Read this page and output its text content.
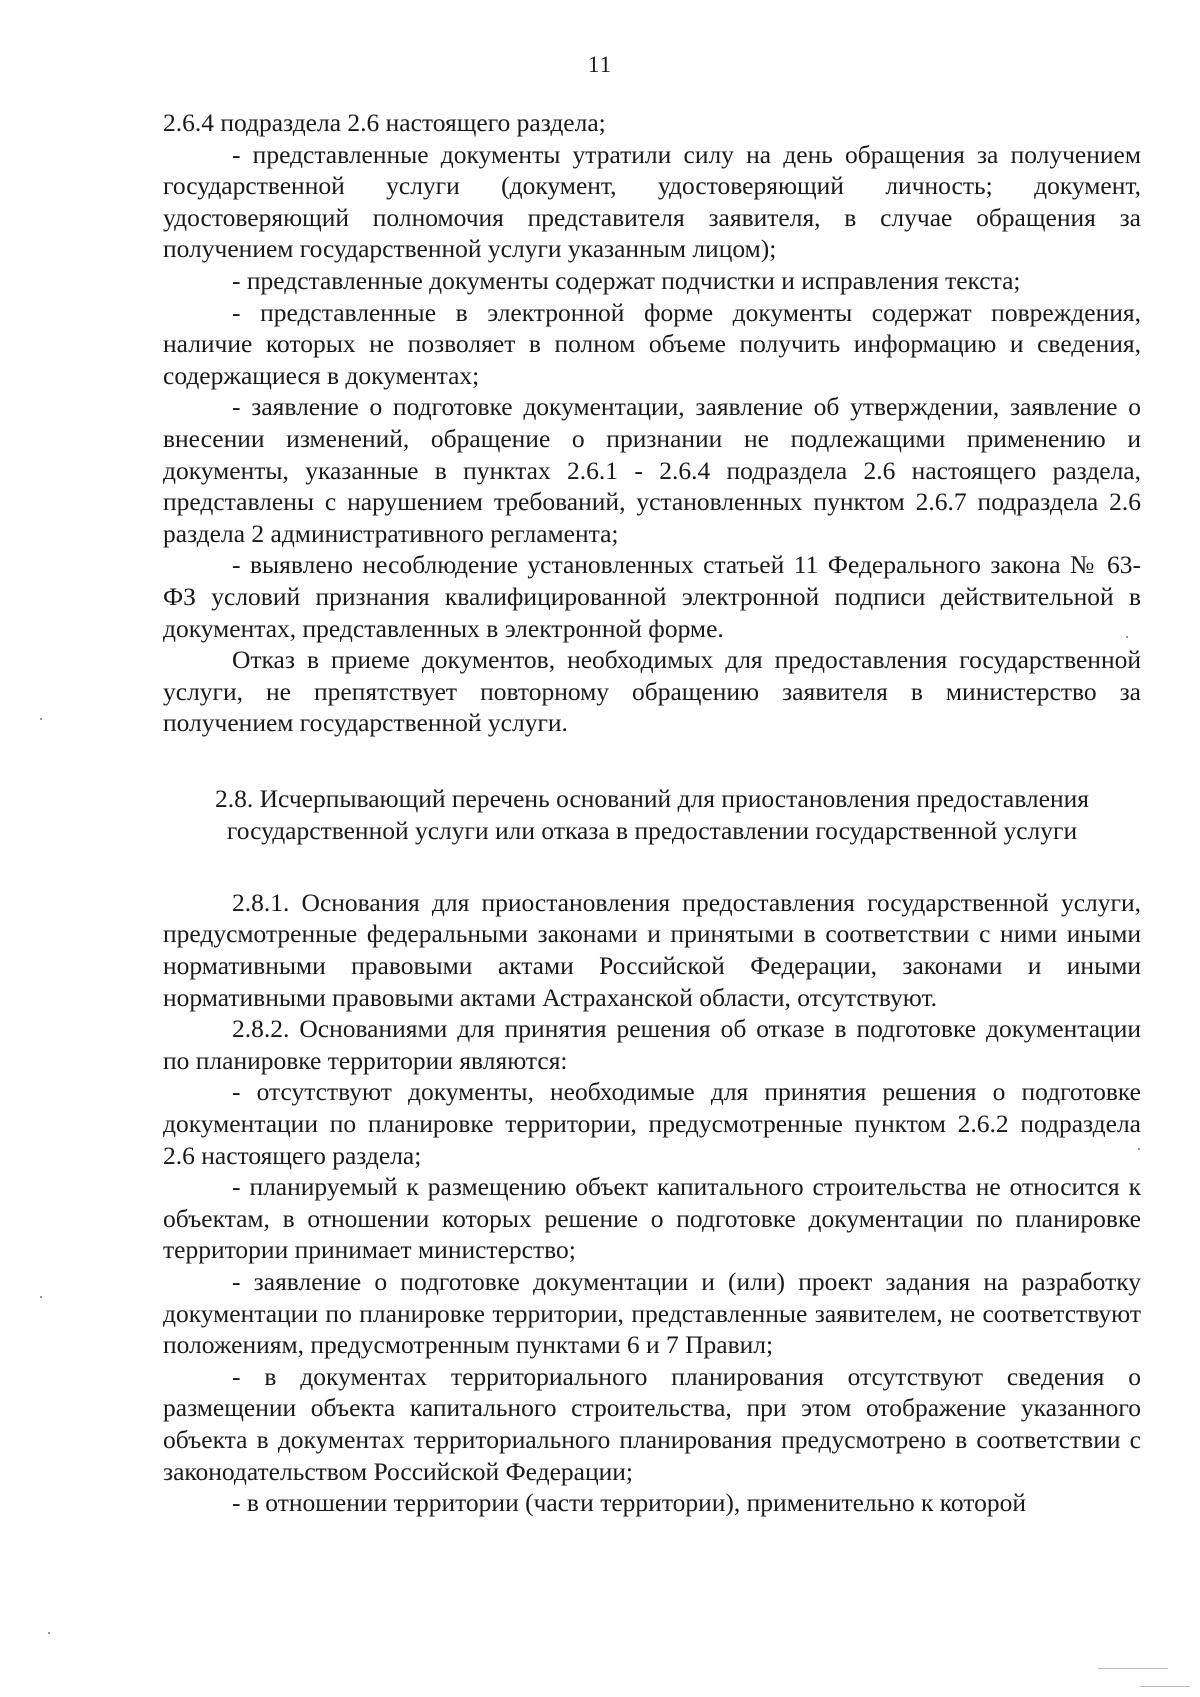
11

2.6.4 подраздела 2.6 настоящего раздела;

- представленные документы утратили силу на день обращения за получением государственной услуги (документ, удостоверяющий личность; документ, удостоверяющий полномочия представителя заявителя, в случае обращения за получением государственной услуги указанным лицом);

- представленные документы содержат подчистки и исправления текста;

- представленные в электронной форме документы содержат повреждения, наличие которых не позволяет в полном объеме получить информацию и сведения, содержащиеся в документах;

- заявление о подготовке документации, заявление об утверждении, заявление о внесении изменений, обращение о признании не подлежащими применению и документы, указанные в пунктах 2.6.1 - 2.6.4 подраздела 2.6 настоящего раздела, представлены с нарушением требований, установленных пунктом 2.6.7 подраздела 2.6 раздела 2 административного регламента;

- выявлено несоблюдение установленных статьей 11 Федерального закона № 63-ФЗ условий признания квалифицированной электронной подписи действительной в документах, представленных в электронной форме.

Отказ в приеме документов, необходимых для предоставления государственной услуги, не препятствует повторному обращению заявителя в министерство за получением государственной услуги.

2.8. Исчерпывающий перечень оснований для приостановления предоставления
государственной услуги или отказа в предоставлении государственной услуги

2.8.1. Основания для приостановления предоставления государственной услуги, предусмотренные федеральными законами и принятыми в соответствии с ними иными нормативными правовыми актами Российской Федерации, законами и иными нормативными правовыми актами Астраханской области, отсутствуют.

2.8.2. Основаниями для принятия решения об отказе в подготовке документации по планировке территории являются:

- отсутствуют документы, необходимые для принятия решения о подготовке документации по планировке территории, предусмотренные пунктом 2.6.2 подраздела 2.6 настоящего раздела;

- планируемый к размещению объект капитального строительства не относится к объектам, в отношении которых решение о подготовке документации по планировке территории принимает министерство;

- заявление о подготовке документации и (или) проект задания на разработку документации по планировке территории, представленные заявителем, не соответствуют положениям, предусмотренным пунктами 6 и 7 Правил;

- в документах территориального планирования отсутствуют сведения о размещении объекта капитального строительства, при этом отображение указанного объекта в документах территориального планирования предусмотрено в соответствии с законодательством Российской Федерации;

- в отношении территории (части территории), применительно к которой
